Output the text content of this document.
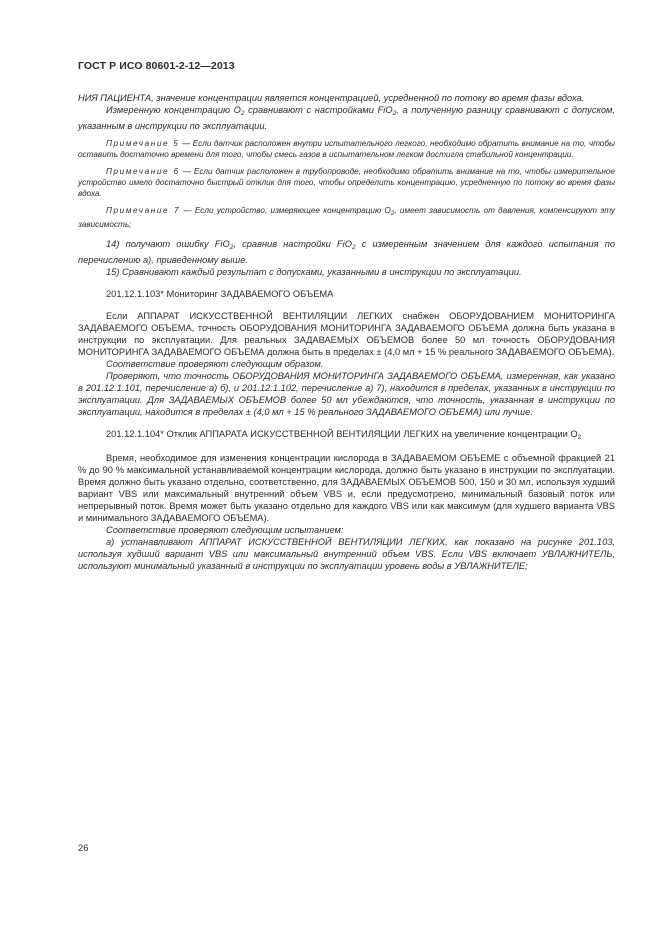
ГОСТ Р ИСО 80601-2-12—2013

НИЯ ПАЦИЕНТА, значение концентрации является концентрацией, усредненной по потоку во время фазы вдоха.

Измеренную концентрацию $O_2$ сравнивают с настройками FiO$_2$, а полученную разницу сравнивают с допуском, указанным в инструкции по эксплуатации.

Примечание 5 — Если датчик расположен внутри испытательного легкого, необходимо обратить внимание на то, чтобы оставить достаточно времени для того, чтобы смесь газов в испытательном легком достигла стабильной концентрации.

Примечание 6 — Если датчик расположен в трубопроводе, необходимо обратить внимание на то, чтобы измерительное устройство имело достаточно быстрый отклик для того, чтобы определить концентрацию, усредненную по потоку во время фазы вдоха.

Примечание 7 — Если устройство, измеряющее концентрацию $O_2$, имеет зависимость от давления, компенсируют эту зависимость;

14) получают ошибку FiO$_2$, сравнив настройки FiO$_2$ с измеренным значением для каждого испытания по перечислению а), приведенному выше.

15) Сравнивают каждый результат с допусками, указанными в инструкции по эксплуатации.

201.12.1.103* Мониторинг ЗАДАВАЕМОГО ОБЪЕМА

Если АППАРАТ ИСКУССТВЕННОЙ ВЕНТИЛЯЦИИ ЛЕГКИХ снабжен ОБОРУДОВАНИЕМ МОНИТОРИНГА ЗАДАВАЕМОГО ОБЪЕМА, точность ОБОРУДОВАНИЯ МОНИТОРИНГА ЗАДАВАЕМОГО ОБЪЕМА должна быть указана в инструкции по эксплуатации. Для реальных ЗАДАВАЕМЫХ ОБЪЕМОВ более 50 мл точность ОБОРУДОВАНИЯ МОНИТОРИНГА ЗАДАВАЕМОГО ОБЪЕМА должна быть в пределах ± (4,0 мл + 15 % реального ЗАДАВАЕМОГО ОБЪЕМА).

Соответствие проверяют следующим образом.

Проверяют, что точность ОБОРУДОВАНИЯ МОНИТОРИНГА ЗАДАВАЕМОГО ОБЪЕМА, измеренная, как указано в 201.12.1.101, перечисление а) б), и 201.12.1.102, перечисление а) 7), находится в пределах, указанных в инструкции по эксплуатации. Для ЗАДАВАЕМЫХ ОБЪЕМОВ более 50 мл убеждаются, что точность, указанная в инструкции по эксплуатации, находится в пределах ± (4,0 мл + 15 % реального ЗАДАВАЕМОГО ОБЪЕМА) или лучше.

201.12.1.104* Отклик АППАРАТА ИСКУССТВЕННОЙ ВЕНТИЛЯЦИИ ЛЕГКИХ на увеличение концентрации $O_2$

Время, необходимое для изменения концентрации кислорода в ЗАДАВАЕМОМ ОБЪЕМЕ с объемной фракцией 21 % до 90 % максимальной устанавливаемой концентрации кислорода, должно быть указано в инструкции по эксплуатации. Время должно быть указано отдельно, соответственно, для ЗАДАВАЕМЫХ ОБЪЕМОВ 500, 150 и 30 мл, используя худший вариант VBS или максимальный внутренний объем VBS и, если предусмотрено, минимальный базовый поток или непрерывный поток. Время может быть указано отдельно для каждого VBS или как максимум (для худшего варианта VBS и минимального ЗАДАВАЕМОГО ОБЪЕМА).

Соответствие проверяют следующим испытанием:

а) устанавливают АППАРАТ ИСКУССТВЕННОЙ ВЕНТИЛЯЦИИ ЛЕГКИХ, как показано на рисунке 201.103, используя худший вариант VBS или максимальный внутренний объем VBS. Если VBS включает УВЛАЖНИТЕЛЬ, используют минимальный указанный в инструкции по эксплуатации уровень воды в УВЛАЖНИТЕЛЕ;

26
